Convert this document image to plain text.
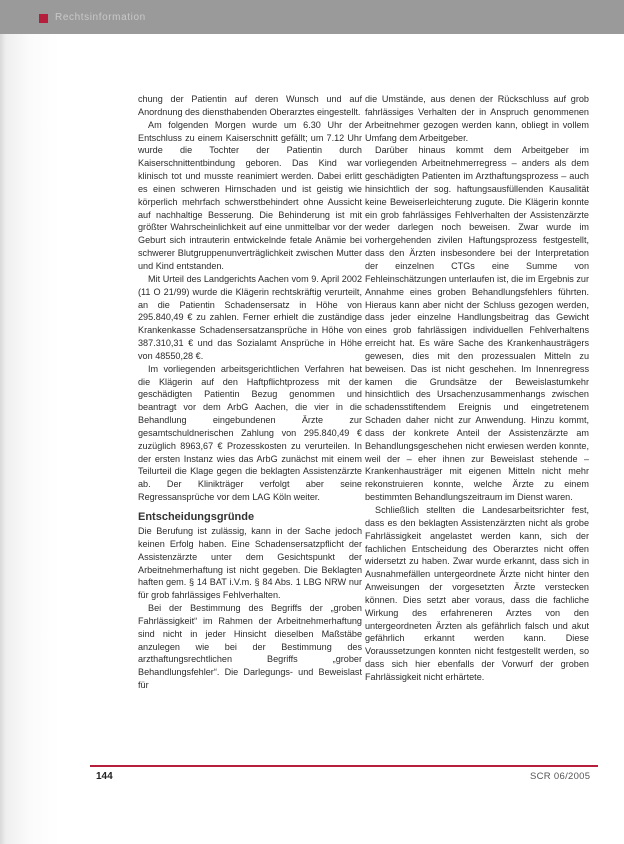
Rechtsinformation

chung der Patientin auf deren Wunsch und auf Anordnung des diensthabenden Oberarztes eingestellt.

Am folgenden Morgen wurde um 6.30 Uhr der Entschluss zu einem Kaiserschnitt gefällt; um 7.12 Uhr wurde die Tochter der Patientin durch Kaiserschnittentbindung geboren. Das Kind war klinisch tot und musste reanimiert werden. Dabei erlitt es einen schweren Hirnschaden und ist geistig wie körperlich mehrfach schwerstbehindert ohne Aussicht auf nachhaltige Besserung. Die Behinderung ist mit größter Wahrscheinlichkeit auf eine unmittelbar vor der Geburt sich intrauterin entwickelnde fetale Anämie bei schwerer Blutgruppenunverträglichkeit zwischen Mutter und Kind entstanden.

Mit Urteil des Landgerichts Aachen vom 9. April 2002 (11 O 21/99) wurde die Klägerin rechtskräftig verurteilt, an die Patientin Schadensersatz in Höhe von 295.840,49 € zu zahlen. Ferner erhielt die zuständige Krankenkasse Schadensersatzansprüche in Höhe von 387.310,31 € und das Sozialamt Ansprüche in Höhe von 48550,28 €.

Im vorliegenden arbeitsgerichtlichen Verfahren hat die Klägerin auf den Haftpflichtprozess mit der geschädigten Patientin Bezug genommen und beantragt vor dem ArbG Aachen, die vier in die Behandlung eingebundenen Ärzte zur gesamtschuldnerischen Zahlung von 295.840,49 € zuzüglich 8963,67 € Prozesskosten zu verurteilen. In der ersten Instanz wies das ArbG zunächst mit einem Teilurteil die Klage gegen die beklagten Assistenzärzte ab. Der Klinikträger verfolgt aber seine Regressansprüche vor dem LAG Köln weiter.

Entscheidungsgründe

Die Berufung ist zulässig, kann in der Sache jedoch keinen Erfolg haben. Eine Schadensersatzpflicht der Assistenzärzte unter dem Gesichtspunkt der Arbeitnehmerhaftung ist nicht gegeben. Die Beklagten haften gem. § 14 BAT i.V.m. § 84 Abs. 1 LBG NRW nur für grob fahrlässiges Fehlverhalten.

Bei der Bestimmung des Begriffs der „groben Fahrlässigkeit“ im Rahmen der Arbeitnehmerhaftung sind nicht in jeder Hinsicht dieselben Maßstäbe anzulegen wie bei der Bestimmung des arzthaftungsrechtlichen Begriffs „grober Behandlungsfehler“. Die Darlegungs- und Beweislast für

die Umstände, aus denen der Rückschluss auf grob fahrlässiges Verhalten der in Anspruch genommenen Arbeitnehmer gezogen werden kann, obliegt in vollem Umfang dem Arbeitgeber.

Darüber hinaus kommt dem Arbeitgeber im vorliegenden Arbeitnehmerregress – anders als dem geschädigten Patienten im Arzthaftungsprozess – auch hinsichtlich der sog. haftungsausfüllenden Kausalität keine Beweiserleichterung zugute. Die Klägerin konnte ein grob fahrlässiges Fehlverhalten der Assistenzärzte weder darlegen noch beweisen. Zwar wurde im vorhergehenden zivilen Haftungsprozess festgestellt, dass den Ärzten insbesondere bei der Interpretation der einzelnen CTGs eine Summe von Fehleinschätzungen unterlaufen ist, die im Ergebnis zur Annahme eines groben Behandlungsfehlers führten. Hieraus kann aber nicht der Schluss gezogen werden, dass jeder einzelne Handlungsbeitrag das Gewicht eines grob fahrlässigen individuellen Fehlverhaltens erreicht hat. Es wäre Sache des Krankenhausträgers gewesen, dies mit den prozessualen Mitteln zu beweisen. Das ist nicht geschehen. Im Innenregress kamen die Grundsätze der Beweislastumkehr hinsichtlich des Ursachenzusammenhangs zwischen schadensstiftendem Ereignis und eingetretenem Schaden daher nicht zur Anwendung. Hinzu kommt, dass der konkrete Anteil der Assistenzärzte am Behandlungsgeschehen nicht erwiesen werden konnte, weil der – eher ihnen zur Beweislast stehende – Krankenhausträger mit eigenen Mitteln nicht mehr rekonstruieren konnte, welche Ärzte zu einem bestimmten Behandlungszeitraum im Dienst waren.

Schließlich stellten die Landesarbeitsrichter fest, dass es den beklagten Assistenzärzten nicht als grobe Fahrlässigkeit angelastet werden kann, sich der fachlichen Entscheidung des Oberarztes nicht offen widersetzt zu haben. Zwar wurde erkannt, dass sich in Ausnahmefällen untergeordnete Ärzte nicht hinter den Anweisungen der vorgesetzten Ärzte verstecken können. Dies setzt aber voraus, dass die fachliche Wirkung des erfahreneren Arztes von den untergeordneten Ärzten als gefährlich falsch und akut gefährlich erkannt werden kann. Diese Voraussetzungen konnten nicht festgestellt werden, so dass sich hier ebenfalls der Vorwurf der groben Fahrlässigkeit nicht erhärtete.

144	SCR 06/2005
